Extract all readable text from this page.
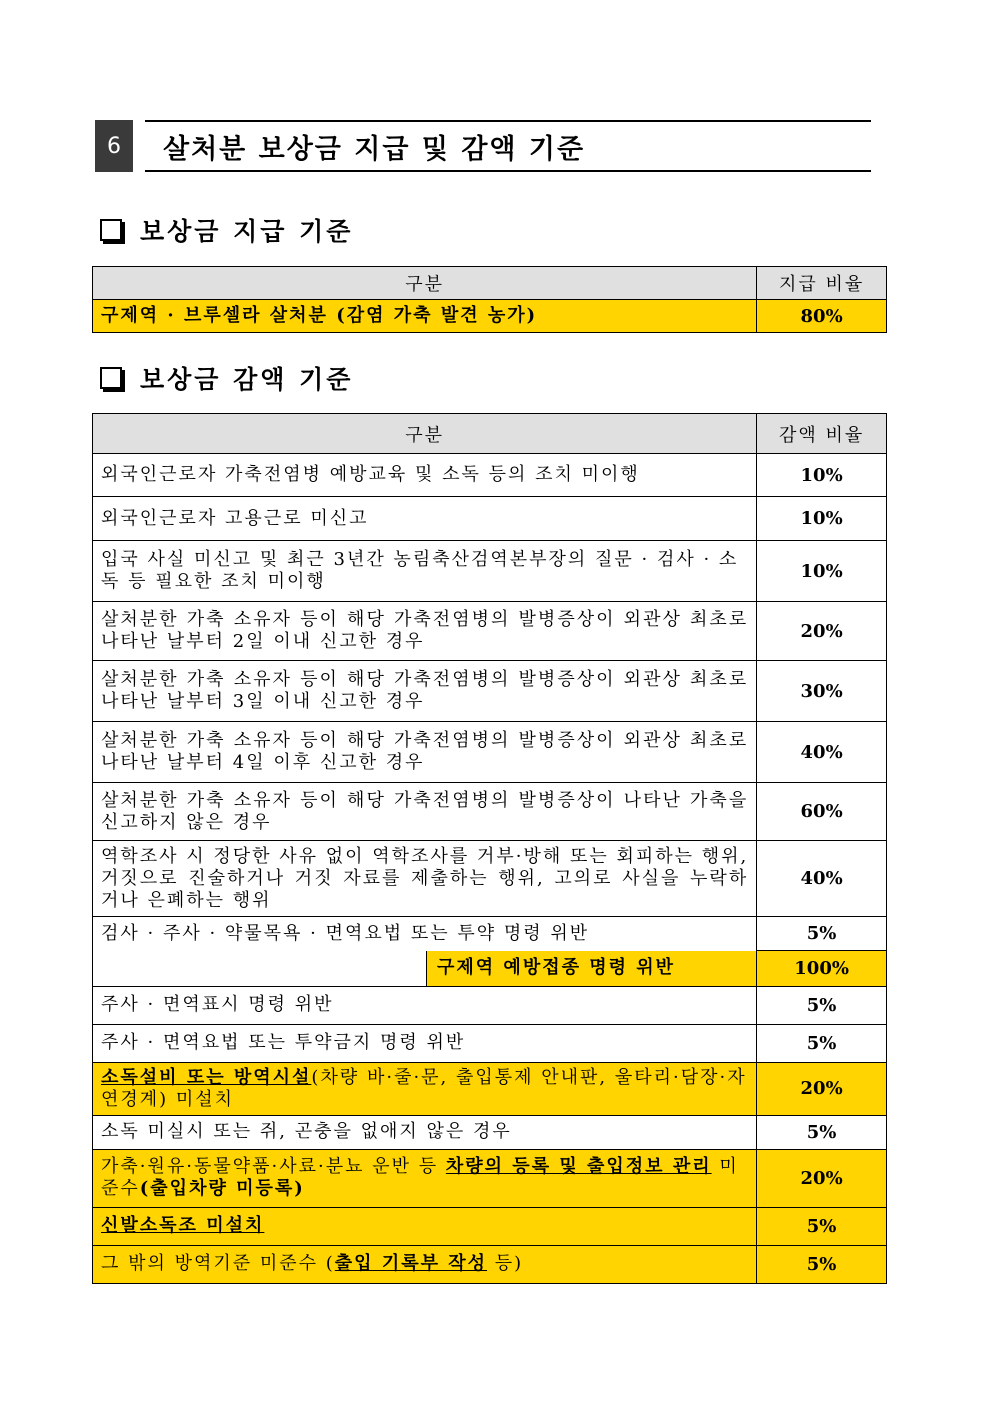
6	살처분 보상금 지급 및 감액 기준
보상금 지급 기준
구분	지급 비율
구제역 · 브루셀라 살처분 (감염 가축 발견 농가)	80%
보상금 감액 기준
구분	감액 비율
외국인근로자 가축전염병 예방교육 및 소독 등의 조치 미이행	10%
외국인근로자 고용근로 미신고	10%
입국 사실 미신고 및 최근 3년간 농림축산검역본부장의 질문 · 검사 · 소독 등 필요한 조치 미이행	10%
살처분한 가축 소유자 등이 해당 가축전염병의 발병증상이 외관상 최초로 나타난 날부터 2일 이내 신고한 경우	20%
살처분한 가축 소유자 등이 해당 가축전염병의 발병증상이 외관상 최초로 나타난 날부터 3일 이내 신고한 경우	30%
살처분한 가축 소유자 등이 해당 가축전염병의 발병증상이 외관상 최초로 나타난 날부터 4일 이후 신고한 경우	40%
살처분한 가축 소유자 등이 해당 가축전염병의 발병증상이 나타난 가축을 신고하지 않은 경우	60%
역학조사 시 정당한 사유 없이 역학조사를 거부·방해 또는 회피하는 행위, 거짓으로 진술하거나 거짓 자료를 제출하는 행위, 고의로 사실을 누락하거나 은폐하는 행위	40%
검사 · 주사 · 약물목욕 · 면역요법 또는 투약 명령 위반	5%

구제역 예방접종 명령 위반	100%
주사 · 면역표시 명령 위반	5%
주사 · 면역요법 또는 투약금지 명령 위반	5%
소독설비 또는 방역시설(차량 바·줄·문, 출입통제 안내판, 울타리·담장·자연경계) 미설치	20%
소독 미실시 또는 쥐, 곤충을 없애지 않은 경우	5%
가축·원유·동물약품·사료·분뇨 운반 등 차량의 등록 및 출입정보 관리 미준수(출입차량 미등록)	20%
신발소독조 미설치	5%
그 밖의 방역기준 미준수 (출입 기록부 작성 등)	5%
